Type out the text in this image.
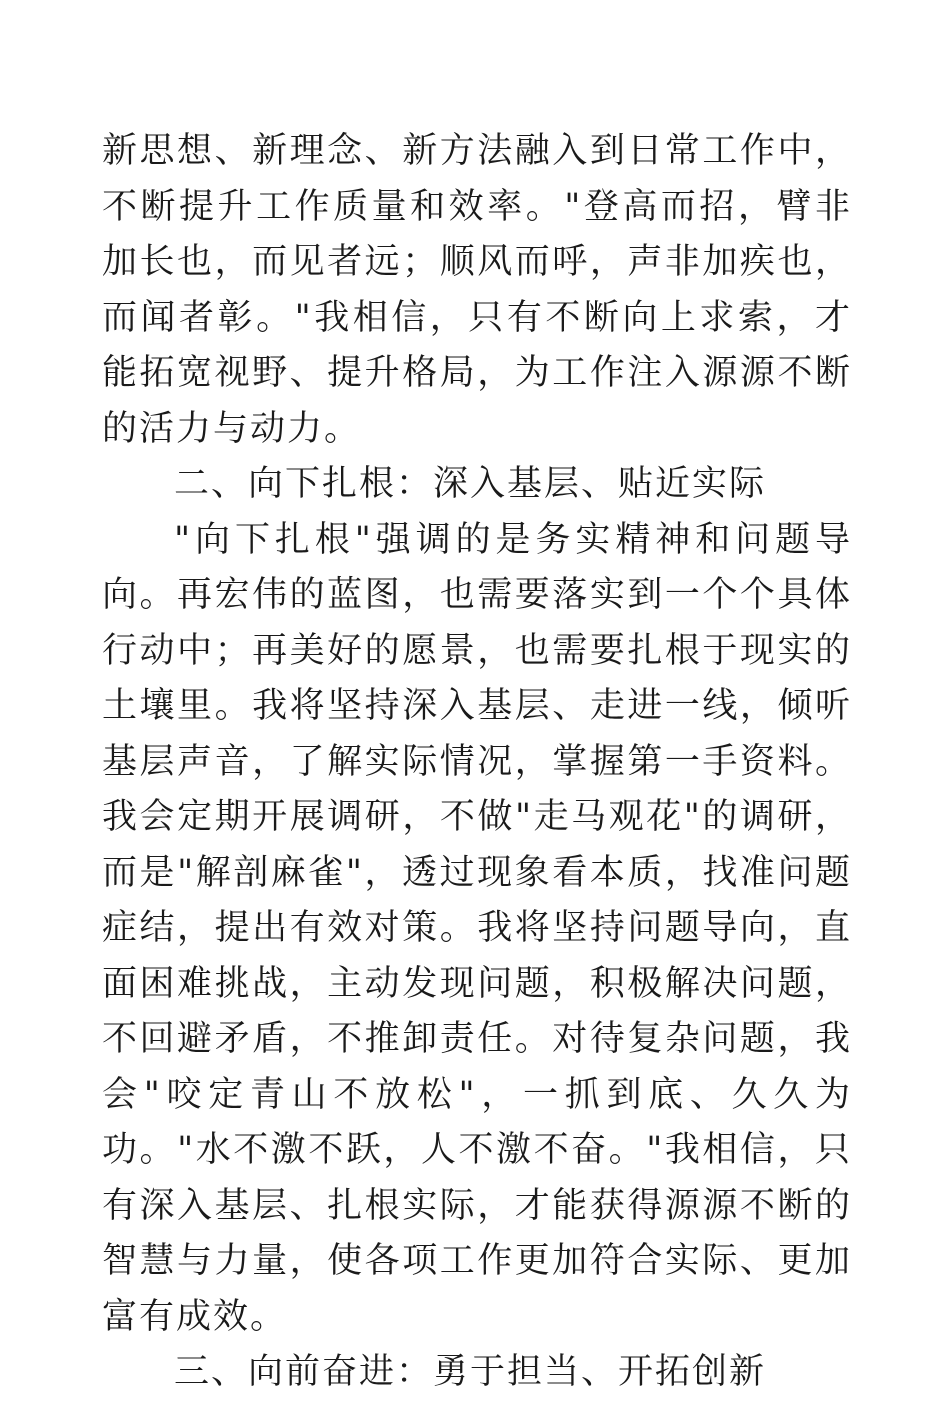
新思想、新理念、新方法融入到日常工作中，不断提升工作质量和效率。"登高而招，臂非加长也，而见者远；顺风而呼，声非加疾也，而闻者彰。"我相信，只有不断向上求索，才能拓宽视野、提升格局，为工作注入源源不断的活力与动力。

二、向下扎根：深入基层、贴近实际

"向下扎根"强调的是务实精神和问题导向。再宏伟的蓝图，也需要落实到一个个具体行动中；再美好的愿景，也需要扎根于现实的土壤里。我将坚持深入基层、走进一线，倾听基层声音，了解实际情况，掌握第一手资料。我会定期开展调研，不做"走马观花"的调研，而是"解剖麻雀"，透过现象看本质，找准问题症结，提出有效对策。我将坚持问题导向，直面困难挑战，主动发现问题，积极解决问题，不回避矛盾，不推卸责任。对待复杂问题，我会"咬定青山不放松"，一抓到底、久久为功。"水不激不跃，人不激不奋。"我相信，只有深入基层、扎根实际，才能获得源源不断的智慧与力量，使各项工作更加符合实际、更加富有成效。

三、向前奋进：勇于担当、开拓创新
